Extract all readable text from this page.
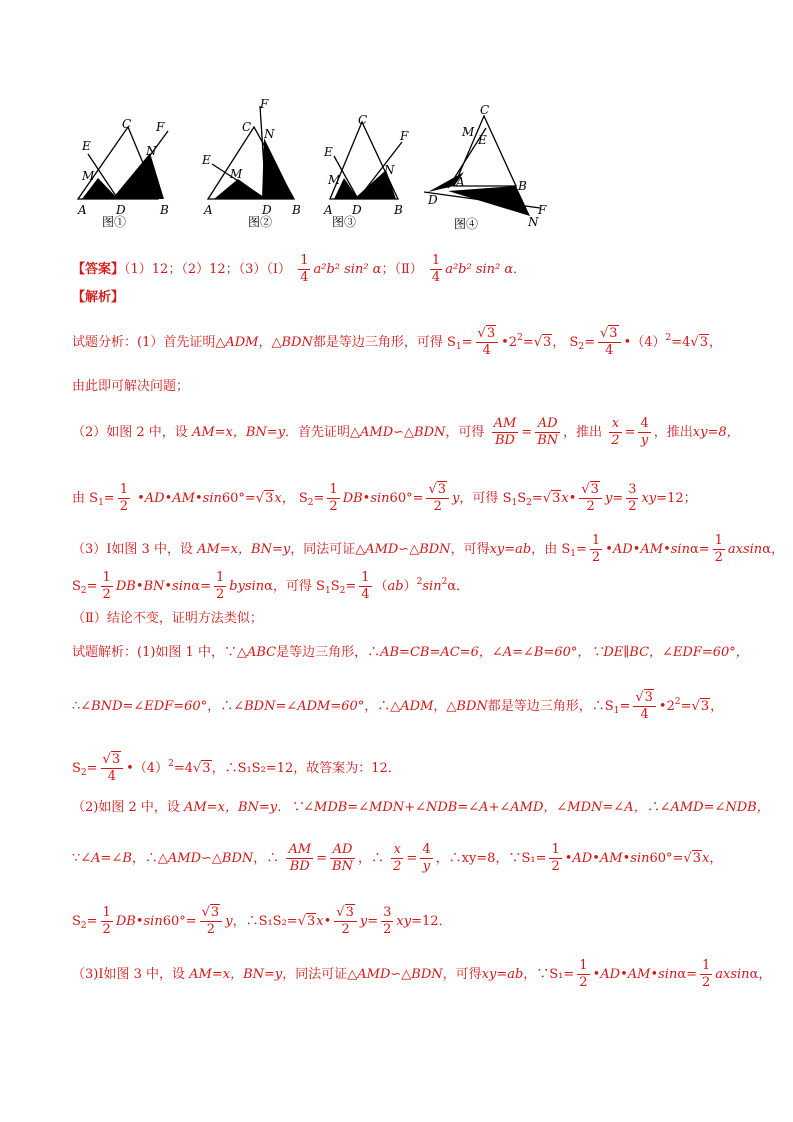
A D	B
C
E
F
M
N
图①
A	D B
C
F
N
E
M
图②
A D	B
C
F
E
M
N
图③
C
M
E
A	B
D
N
F
图④
【答案】（1）12；（2）12；（3）（Ⅰ） $\frac{1}{4} a^2b^2$ sin² α；（Ⅱ） $\frac{1}{4} a^2b^2$ sin² α．
【解析】
试题分析：(1）首先证明△ADM，△BDN都是等边三角形，可得 $S_1= \frac{√3}{4}$ $•2^2=√3$， $S_2= \frac{√3}{4}$ $•(4)^2=4√3$，
由此即可解决问题；
（2）如图 2 中，设 AM=x，BN=y．首先证明△AMD∽△BDN，可得 $\frac{AM}{BD} = \frac{AD}{BN}$ ，推出 $\frac{x}{2} = \frac{4}{y}$ ，推出xy=8，
由 $S_1= \frac{1}{2}$ •AD•AM•sin60°=√3x， $S_2= \frac{1}{2}$ DB•sin60°= $\frac{√3}{2}$ y，可得 $S_1S_2=√3x• \frac{√3}{2} y= \frac{3}{2} xy=12$；
（3）Ⅰ如图 3 中，设 AM=x，BN=y，同法可证△AMD∽△BDN，可得xy=ab，由 $S_1= \frac{1}{2}$ •AD•AM•sinα= $\frac{1}{2}$ axsinα，
$S_2= \frac{1}{2}$ DB•BN•sinα= $\frac{1}{2}$ bysinα，可得 $S_1S_2= \frac{1}{4} (ab)^2\sin^2\alpha$．
（Ⅱ）结论不变，证明方法类似；
试题解析：(1)如图 1 中，∵△ABC是等边三角形，∴AB=CB=AC=6，∠A=∠B=60°，∵DE∥BC，∠EDF=60°，
∴∠BND=∠EDF=60°，∴∠BDN=∠ADM=60°，∴△ADM，△BDN都是等边三角形，$\therefore S_1= \frac{√3}{4}$ $•2^2=√3$，
$S_2= \frac{√3}{4}$ $•(4)^2=4√3$，∴S₁S₂=12，故答案为：12．
（2)如图 2 中，设 AM=x，BN=y．∵∠MDB=∠MDN+∠NDB=∠A+∠AMD，∠MDN=∠A，∴∠AMD=∠NDB，
∵∠A=∠B，∴△AMD∽△BDN，∴ $\frac{AM}{BD} = \frac{AD}{BN}$ ，∴ $\frac{x}{2} = \frac{4}{y}$ ，∴xy=8，∵S₁= $\frac{1}{2}$ •AD•AM•sin60°=√3x，
$S_2= \frac{1}{2}$ DB•sin60°= $\frac{√3}{2}$ y，∴S₁S₂=√3x• $\frac{√3}{2} y= \frac{3}{2} xy=12$．
（3)Ⅰ如图 3 中，设 AM=x，BN=y，同法可证△AMD∽△BDN，可得xy=ab，∵S₁= $\frac{1}{2}$ •AD•AM•sinα= $\frac{1}{2}$ axsinα，
